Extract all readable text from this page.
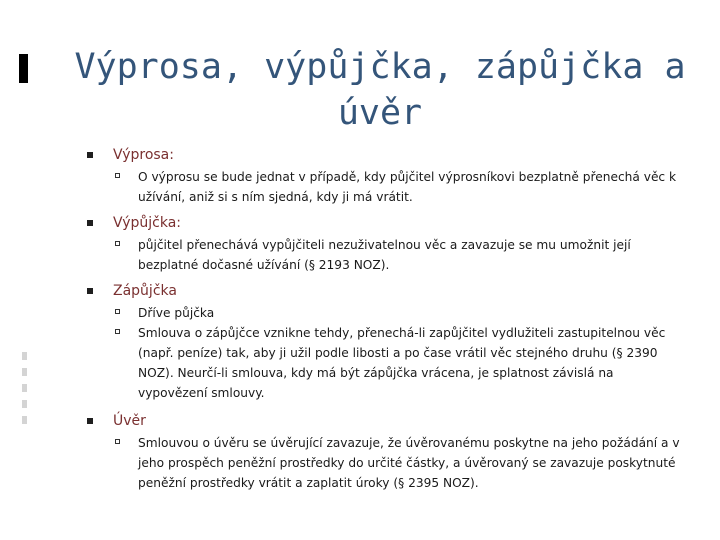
Výprosa, výpůjčka, zápůjčka a úvěr
Výprosa:
O výprosu se bude jednat v případě, kdy půjčitel výprosníkovi bezplatně přenechá věc k užívání, aniž si s ním sjedná, kdy ji má vrátit.
Výpůjčka:
půjčitel přenechává vypůjčiteli nezuživatelnou věc a zavazuje se mu umožnit její bezplatné dočasné užívání (§ 2193 NOZ).
Zápůjčka
Dříve půjčka
Smlouva o zápůjčce vznikne tehdy, přenechá-li zapůjčitel vydlužiteli zastupitelnou věc (např. peníze) tak, aby ji užil podle libosti a po čase vrátil věc stejného druhu (§ 2390 NOZ). Neurčí-li smlouva, kdy má být zápůjčka vrácena, je splatnost závislá na vypovězení smlouvy.
Úvěr
Smlouvou o úvěru se úvěrující zavazuje, že úvěrovanému poskytne na jeho požádání a v jeho prospěch peněžní prostředky do určité částky, a úvěrovaný se zavazuje poskytnuté peněžní prostředky vrátit a zaplatit úroky (§ 2395 NOZ).
